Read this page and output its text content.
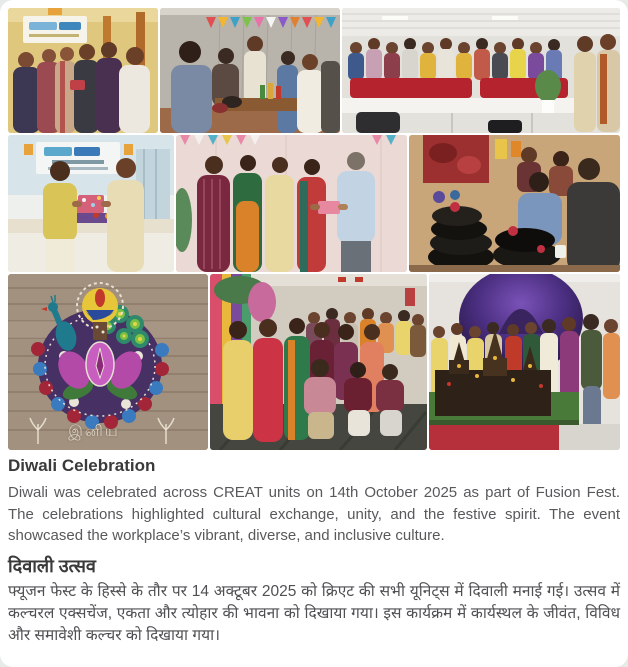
இனிய
Diwali Celebration

Diwali was celebrated across CREAT units on 14th October 2025 as part of Fusion Fest. The celebrations highlighted cultural exchange, unity, and the festive spirit. The event showcased the workplace’s vibrant, diverse, and inclusive culture.

दिवाली उत्सव

फ्यूजन फेस्ट के हिस्से के तौर पर 14 अक्टूबर 2025 को क्रिएट की सभी यूनिट्स में दिवाली मनाई गई। उत्सव में कल्चरल एक्सचेंज, एकता और त्योहार की भावना को दिखाया गया। इस कार्यक्रम में कार्यस्थल के जीवंत, विविध और समावेशी कल्चर को दिखाया गया।
